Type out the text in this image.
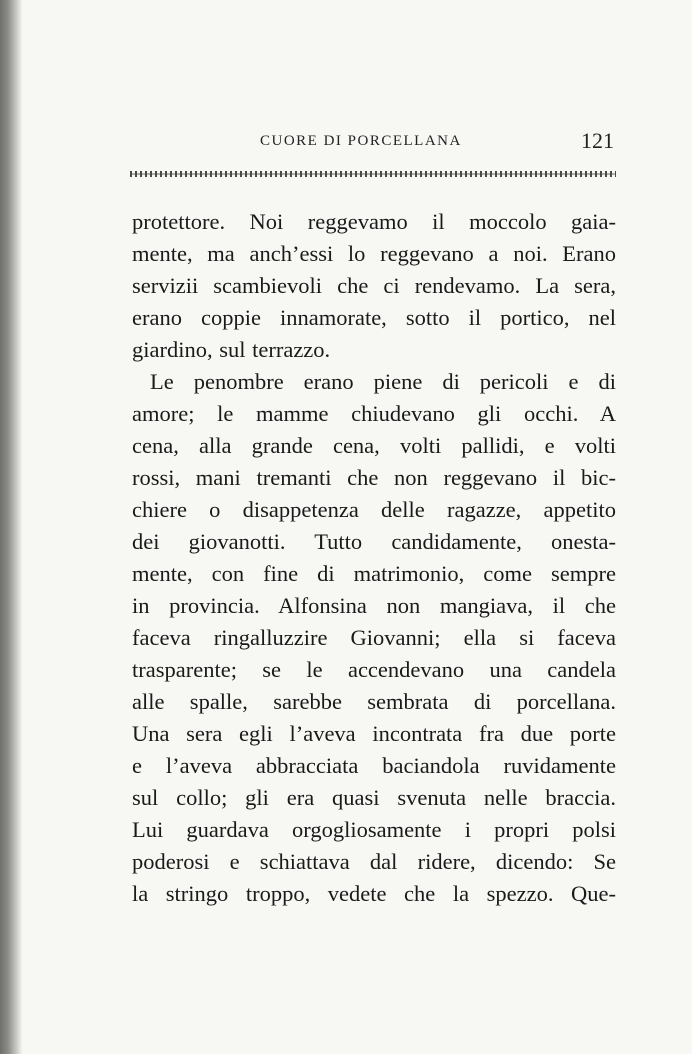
CUORE DI PORCELLANA	121
protettore. Noi reggevamo il moccolo gaia-
mente, ma anch’essi lo reggevano a noi. Erano
servizii scambievoli che ci rendevamo. La sera,
erano coppie innamorate, sotto il portico, nel
giardino, sul terrazzo.
Le penombre erano piene di pericoli e di
amore; le mamme chiudevano gli occhi. A
cena, alla grande cena, volti pallidi, e volti
rossi, mani tremanti che non reggevano il bic-
chiere o disappetenza delle ragazze, appetito
dei giovanotti. Tutto candidamente, onesta-
mente, con fine di matrimonio, come sempre
in provincia. Alfonsina non mangiava, il che
faceva ringalluzzire Giovanni; ella si faceva
trasparente; se le accendevano una candela
alle spalle, sarebbe sembrata di porcellana.
Una sera egli l’aveva incontrata fra due porte
e l’aveva abbracciata baciandola ruvidamente
sul collo; gli era quasi svenuta nelle braccia.
Lui guardava orgogliosamente i propri polsi
poderosi e schiattava dal ridere, dicendo: Se
la stringo troppo, vedete che la spezzo. Que-
